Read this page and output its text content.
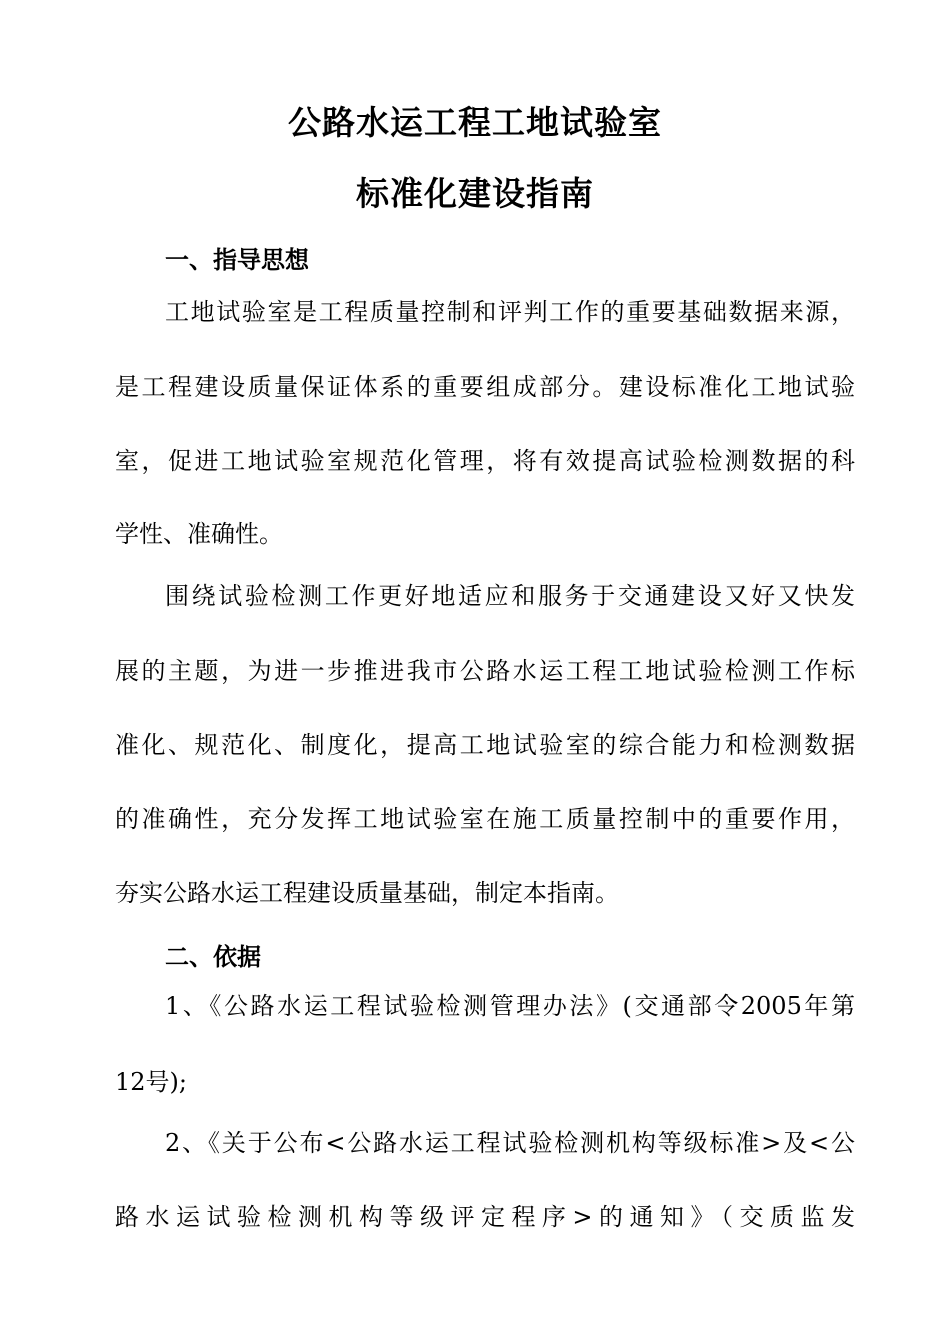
公路水运工程工地试验室
标准化建设指南
一、指导思想
工地试验室是工程质量控制和评判工作的重要基础数据来源，
是工程建设质量保证体系的重要组成部分。建设标准化工地试验
室，促进工地试验室规范化管理，将有效提高试验检测数据的科
学性、准确性。
围绕试验检测工作更好地适应和服务于交通建设又好又快发
展的主题，为进一步推进我市公路水运工程工地试验检测工作标
准化、规范化、制度化，提高工地试验室的综合能力和检测数据
的准确性，充分发挥工地试验室在施工质量控制中的重要作用，
夯实公路水运工程建设质量基础，制定本指南。
二、依据
1、《公路水运工程试验检测管理办法》(交通部令2005年第
12号);
2、《关于公布<公路水运工程试验检测机构等级标准>及<公
路水运试验检测机构等级评定程序>的通知》（交质监发
